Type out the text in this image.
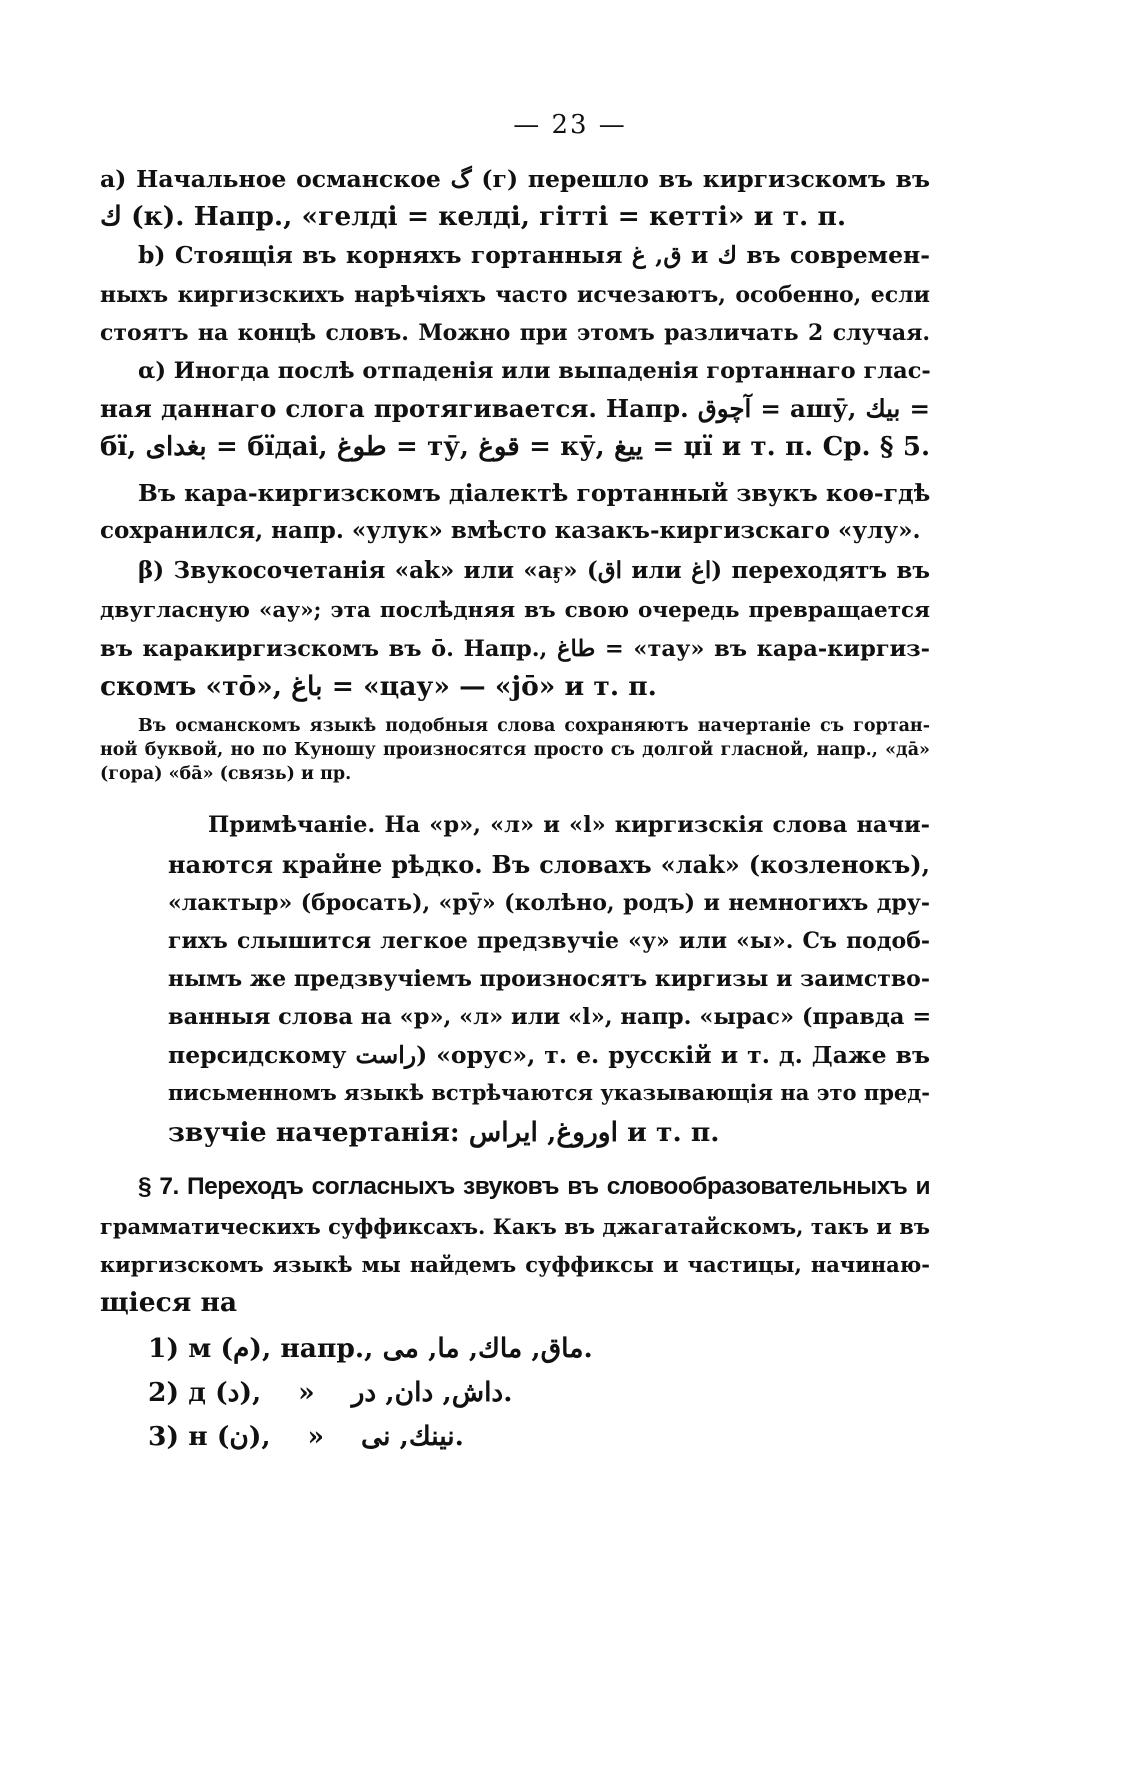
— 23 —
a) Начальное османское گ (г) перешло въ киргизскомъ въ
ك (к). Напр., «гелді = келді, гітті = кетті» и т. п.
b) Стоящія въ корняхъ гортанныя ق, غ и ك въ современ-
ныхъ киргизскихъ нарѣчіяхъ часто исчезаютъ, особенно, если
стоятъ на концѣ словъ. Можно при этомъ различать 2 случая.
α) Иногда послѣ отпаденія или выпаденія гортаннаго глас-
ная даннаго слога протягивается. Напр. آچوق = ашӯ, بيك =
бї, بغداى = бїдаі, طوغ = тӯ, قوغ = кӯ, ييغ = џї и т. п. Ср. § 5.
Въ кара-киргизскомъ діалектѣ гортанный звукъ коѳ-гдѣ
сохранился, напр. «улук» вмѣсто казакъ-киргизскаго «улу».
β) Звукосочетанія «ak» или «aӻ» (اق или اغ) переходятъ въ
двугласную «ау»; эта послѣдняя въ свою очередь превращается
въ каракиргизскомъ въ ō. Напр., طاغ = «тау» въ кара-киргиз-
скомъ «тō», باغ = «цау» — «jō» и т. п.
Въ османскомъ языкѣ подобныя слова сохраняютъ начертаніе съ гортан-
ной буквой, но по Куношу произносятся просто съ долгой гласной, напр., «дā»
(гора) «бā» (связь) и пр.
Примѣчаніе. На «р», «л» и «l» киргизскія слова начи-
наются крайне рѣдко. Въ словахъ «лаk» (козленокъ),
«лактыр» (бросать), «рӯ» (колѣно, родъ) и немногихъ дру-
гихъ слышится легкое предзвучіе «у» или «ы». Съ подоб-
нымъ же предзвучіемъ произносятъ киргизы и заимство-
ванныя слова на «р», «л» или «l», напр. «ырас» (правда =
персидскому راست) «орус», т. е. русскій и т. д. Даже въ
письменномъ языкѣ встрѣчаются указывающія на это пред-
звучіе начертанія: اوروغ, ايراس и т. п.
§ 7. Переходъ согласныхъ звуковъ въ словообразовательныхъ и
грамматическихъ суффиксахъ. Какъ въ джагатайскомъ, такъ и въ
киргизскомъ языкѣ мы найдемъ суффиксы и частицы, начинаю-
щіеся на
1) м (م), напр., ماق, ماك, ما, مى.
2) д (د),    »    داش, دان, در.
3) н (ن),    »    نينك, نى.
